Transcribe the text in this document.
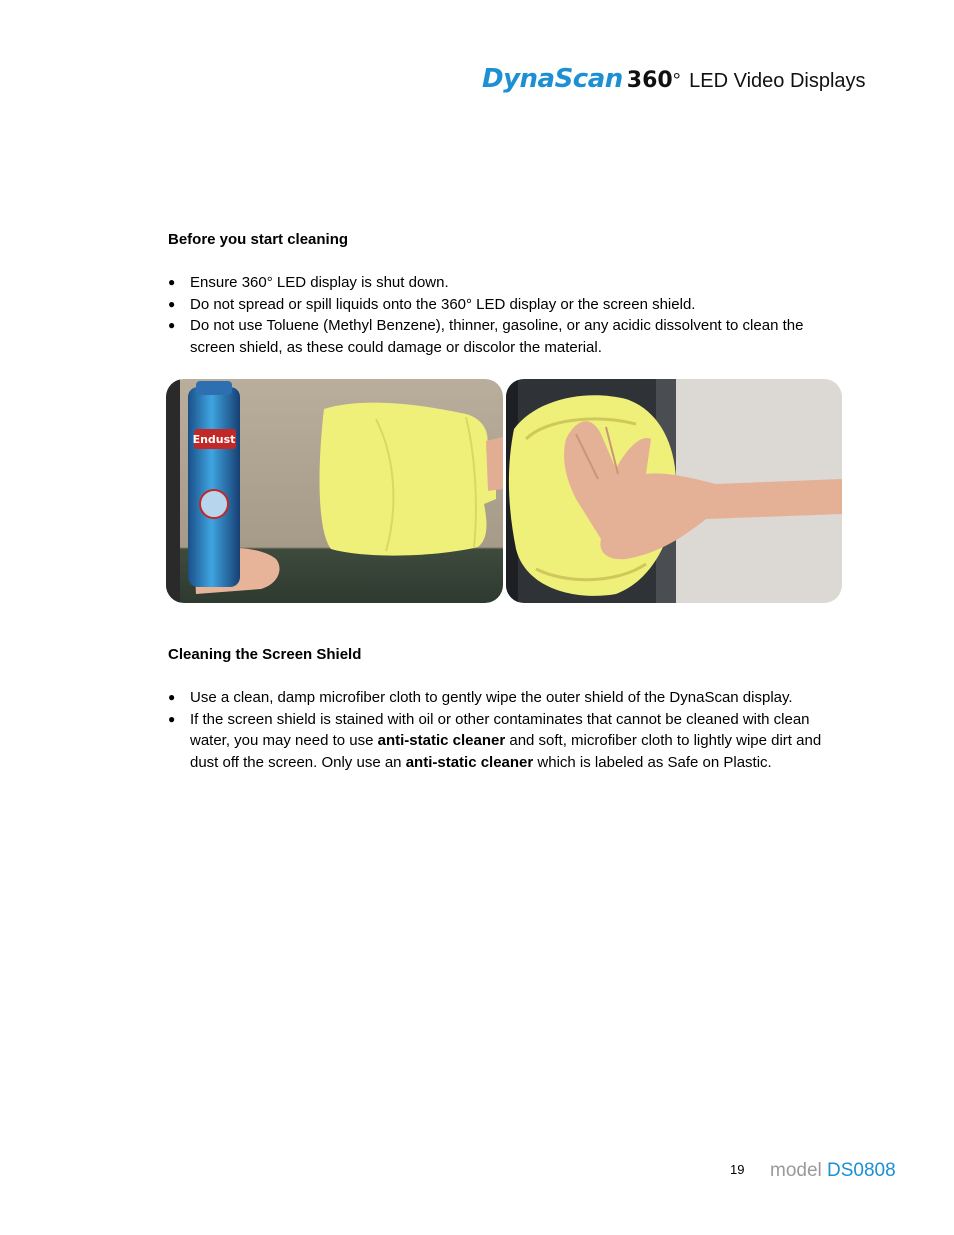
DynaScan 360° LED Video Displays
Before you start cleaning
● Ensure 360° LED display is shut down.
● Do not spread or spill liquids onto the 360° LED display or the screen shield.
● Do not use Toluene (Methyl Benzene), thinner, gasoline, or any acidic dissolvent to clean the screen shield, as these could damage or discolor the material.
Endust
Cleaning the Screen Shield
● Use a clean, damp microfiber cloth to gently wipe the outer shield of the DynaScan display.
● If the screen shield is stained with oil or other contaminates that cannot be cleaned with clean water, you may need to use anti-static cleaner and soft, microfiber cloth to lightly wipe dirt and dust off the screen. Only use an anti-static cleaner which is labeled as Safe on Plastic.
19 model DS0808
